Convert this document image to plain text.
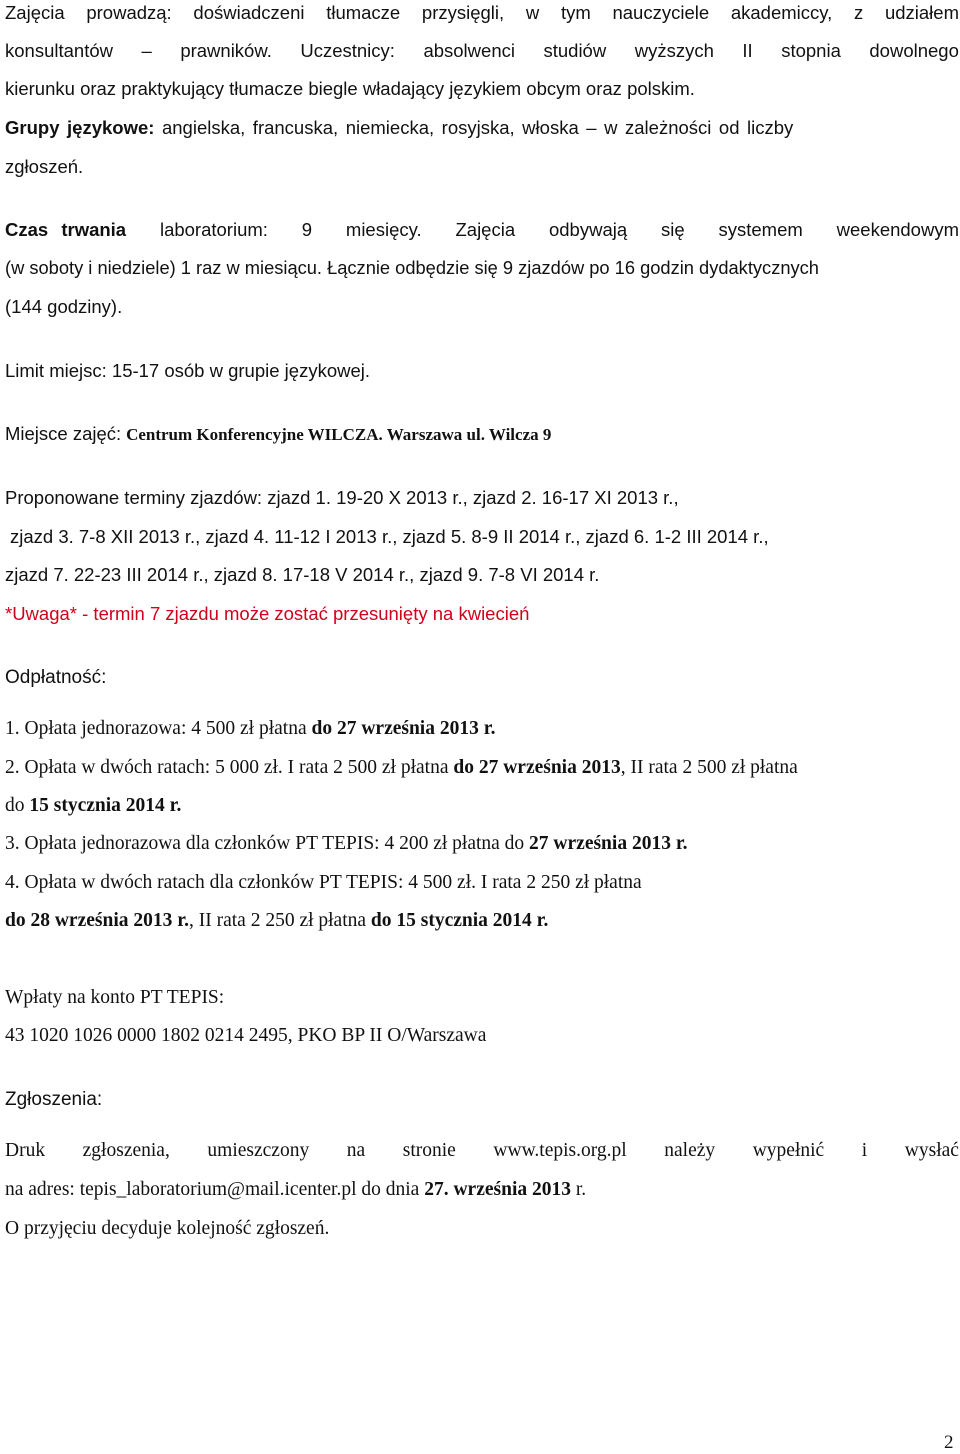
Zajęcia prowadzą: doświadczeni tłumacze przysięgli, w tym nauczyciele akademiccy, z udziałem
konsultantów – prawników. Uczestnicy: absolwenci studiów wyższych II stopnia dowolnego
kierunku oraz praktykujący tłumacze biegle władający językiem obcym oraz polskim.
Grupy językowe: angielska, francuska, niemiecka, rosyjska, włoska – w zależności od liczby
zgłoszeń.
Czas trwania laboratorium: 9 miesięcy. Zajęcia odbywają się systemem weekendowym
(w soboty i niedziele) 1 raz w miesiącu. Łącznie odbędzie się 9 zjazdów po 16 godzin dydaktycznych
(144 godziny).
Limit miejsc: 15-17 osób w grupie językowej.
Miejsce zajęć: Centrum Konferencyjne WILCZA. Warszawa ul. Wilcza 9
Proponowane terminy zjazdów: zjazd 1. 19-20 X 2013 r., zjazd 2. 16-17 XI 2013 r.,
zjazd 3. 7-8 XII 2013 r., zjazd 4. 11-12 I 2013 r., zjazd 5. 8-9 II 2014 r., zjazd 6. 1-2 III 2014 r.,
zjazd 7. 22-23 III 2014 r., zjazd 8. 17-18 V 2014 r., zjazd 9. 7-8 VI 2014 r.
*Uwaga* - termin 7 zjazdu może zostać przesunięty na kwiecień
Odpłatność:
1. Opłata jednorazowa: 4 500 zł płatna do 27 września 2013 r.
2. Opłata w dwóch ratach: 5 000 zł. I rata 2 500 zł płatna do 27 września 2013, II rata 2 500 zł płatna
do 15 stycznia 2014 r.
3. Opłata jednorazowa dla członków PT TEPIS: 4 200 zł płatna do 27 września 2013 r.
4. Opłata w dwóch ratach dla członków PT TEPIS: 4 500 zł. I rata 2 250 zł płatna
do 28 września 2013 r., II rata 2 250 zł płatna do 15 stycznia 2014 r.
Wpłaty na konto PT TEPIS:
43 1020 1026 0000 1802 0214 2495, PKO BP II O/Warszawa
Zgłoszenia:
Druk zgłoszenia, umieszczony na stronie www.tepis.org.pl należy wypełnić i wysłać
na adres: tepis_laboratorium@mail.icenter.pl do dnia 27. września 2013 r.
O przyjęciu decyduje kolejność zgłoszeń.
2
